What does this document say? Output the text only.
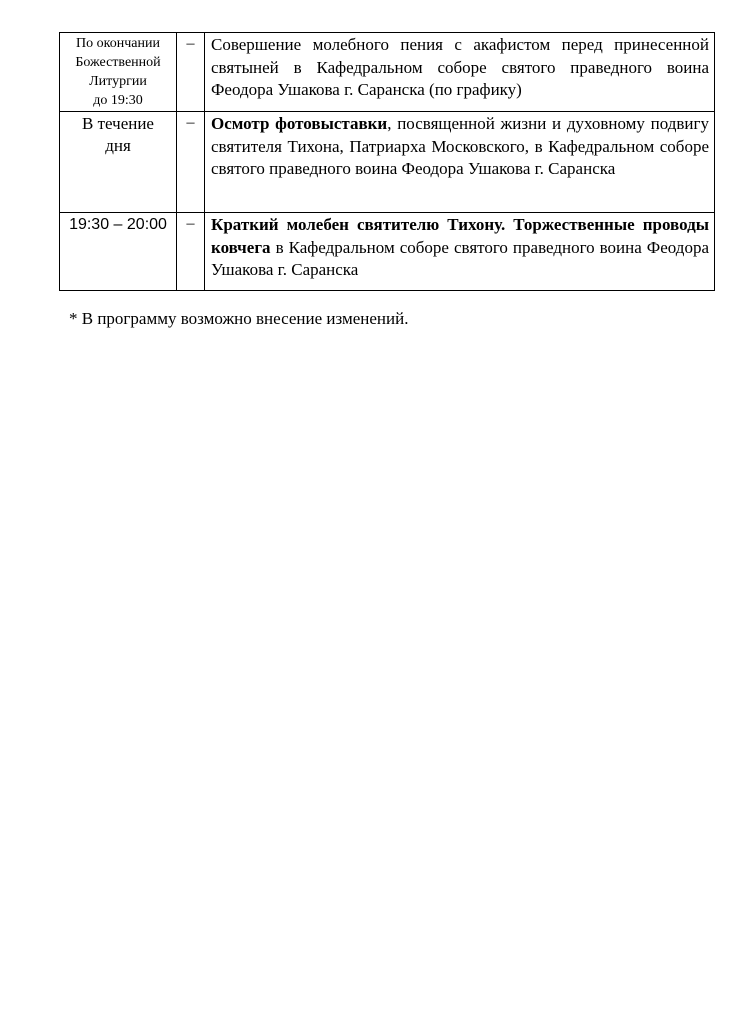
По окончании
Божественной
Литургии
до 19:30	–	Совершение молебного пения с акафистом перед принесенной святыней в Кафедральном соборе святого праведного воина Феодора Ушакова г. Саранска (по графику)
В течение
дня	–	Осмотр фотовыставки, посвященной жизни и духовному подвигу святителя Тихона, Патриарха Московского, в Кафедральном соборе святого праведного воина Феодора Ушакова г. Саранска
19:30 – 20:00	–	Краткий молебен святителю Тихону. Торжественные проводы ковчега в Кафедральном соборе святого праведного воина Феодора Ушакова г. Саранска
* В программу возможно внесение изменений.
